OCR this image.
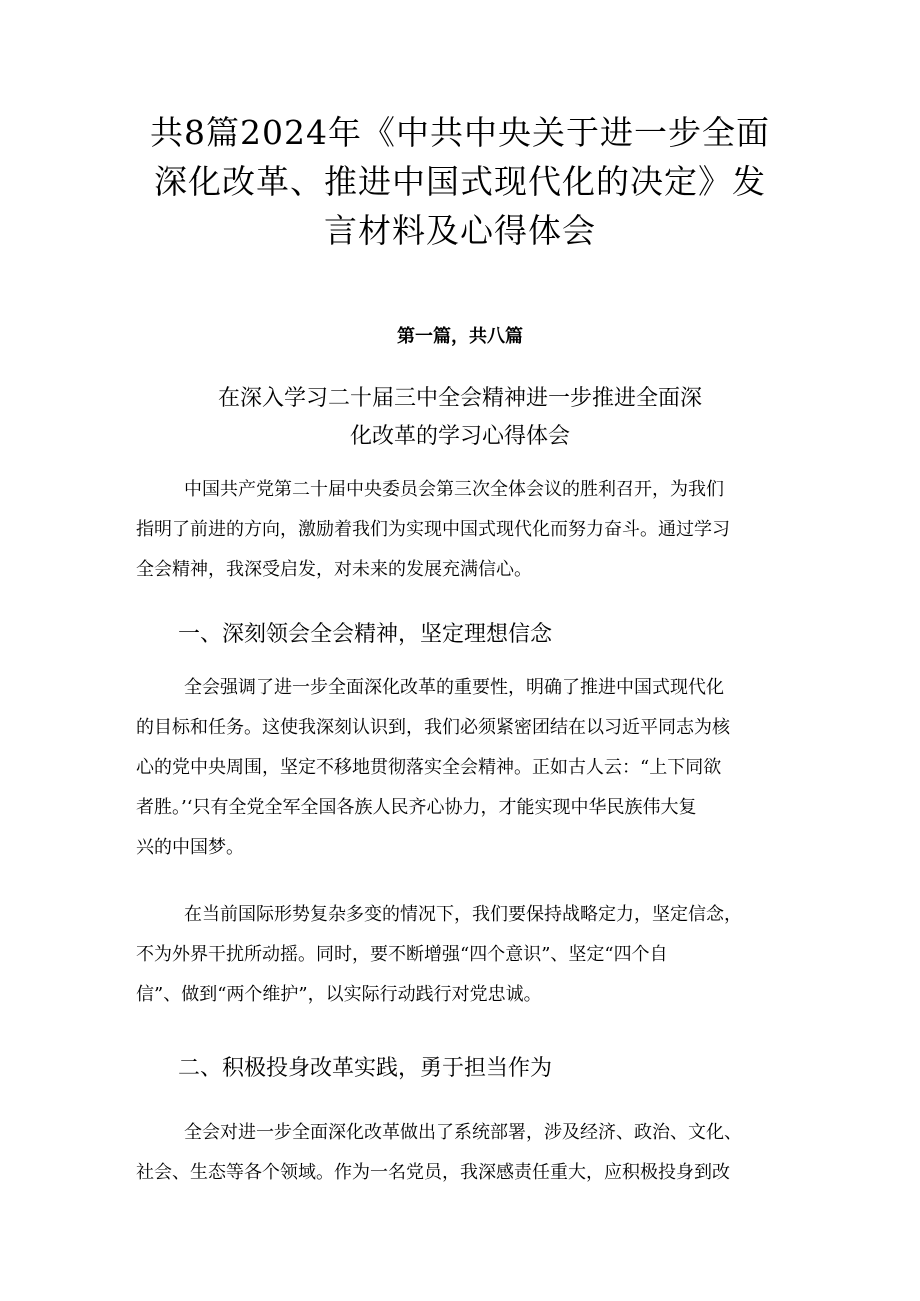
共8篇2024年《中共中央关于进一步全面
深化改革、推进中国式现代化的决定》发
言材料及心得体会
第一篇，共八篇
在深入学习二十届三中全会精神进一步推进全面深
化改革的学习心得体会

中国共产党第二十届中央委员会第三次全体会议的胜利召开，为我们
指明了前进的方向，激励着我们为实现中国式现代化而努力奋斗。通过学习
全会精神，我深受启发，对未来的发展充满信心。

一、深刻领会全会精神，坚定理想信念

全会强调了进一步全面深化改革的重要性，明确了推进中国式现代化
的目标和任务。这使我深刻认识到，我们必须紧密团结在以习近平同志为核
心的党中央周围，坚定不移地贯彻落实全会精神。正如古人云：“上下同欲
者胜。’‘只有全党全军全国各族人民齐心协力，才能实现中华民族伟大复
兴的中国梦。

在当前国际形势复杂多变的情况下，我们要保持战略定力，坚定信念，
不为外界干扰所动摇。同时，要不断增强“四个意识”、坚定“四个自
信”、做到“两个维护”，以实际行动践行对党忠诚。

二、积极投身改革实践，勇于担当作为

全会对进一步全面深化改革做出了系统部署，涉及经济、政治、文化、
社会、生态等各个领域。作为一名党员，我深感责任重大，应积极投身到改
